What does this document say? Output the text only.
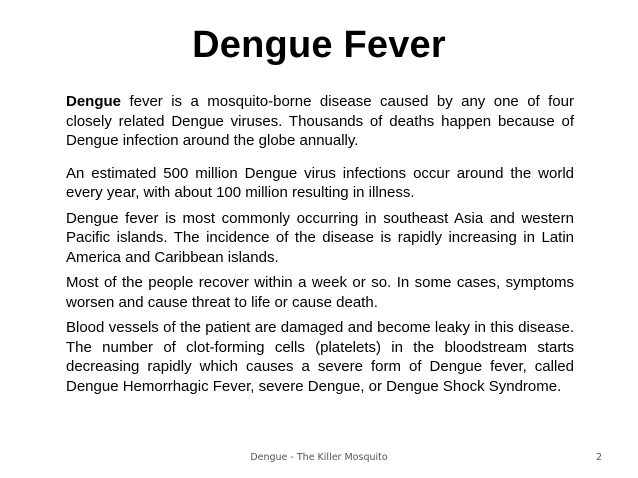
Dengue Fever

Dengue fever is a mosquito-borne disease caused by any one of four closely related Dengue viruses. Thousands of deaths happen because of Dengue infection around the globe annually.

An estimated 500 million Dengue virus infections occur around the world every year, with about 100 million resulting in illness.

Dengue fever is most commonly occurring in southeast Asia and western Pacific islands. The incidence of the disease is rapidly increasing in Latin America and Caribbean islands.

Most of the people recover within a week or so. In some cases, symptoms worsen and cause threat to life or cause death.

Blood vessels of the patient are damaged and become leaky in this disease. The number of clot-forming cells (platelets) in the bloodstream starts decreasing rapidly which causes a severe form of Dengue fever, called Dengue Hemorrhagic Fever, severe Dengue, or Dengue Shock Syndrome.

Dengue - The Killer Mosquito	2
